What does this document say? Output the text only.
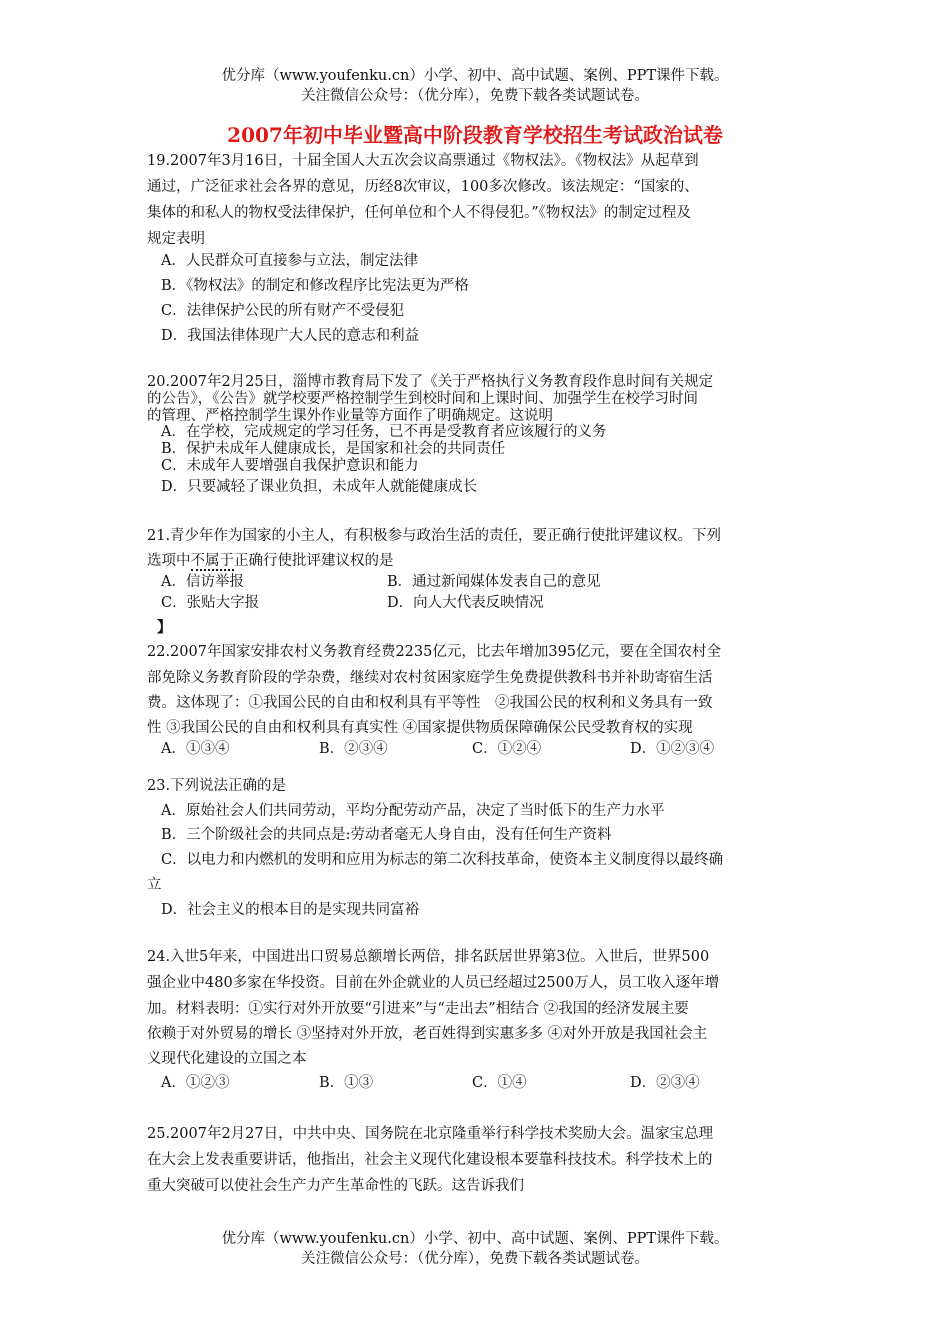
优分库（www.youfenku.cn）小学、初中、高中试题、案例、PPT课件下载。
关注微信公众号：（优分库），免费下载各类试题试卷。
2007年初中毕业暨高中阶段教育学校招生考试政治试卷
19.2007年3月16日，十届全国人大五次会议高票通过《物权法》。《物权法》从起草到
通过，广泛征求社会各界的意见，历经8次审议，100多次修改。该法规定：“国家的、
集体的和私人的物权受法律保护，任何单位和个人不得侵犯。”《物权法》的制定过程及
规定表明
A．人民群众可直接参与立法，制定法律
B．《物权法》的制定和修改程序比宪法更为严格
C．法律保护公民的所有财产不受侵犯
D．我国法律体现广大人民的意志和利益
20.2007年2月25日，淄博市教育局下发了《关于严格执行义务教育段作息时间有关规定
的公告》，《公告》就学校要严格控制学生到校时间和上课时间、加强学生在校学习时间
的管理、严格控制学生课外作业量等方面作了明确规定。这说明
A．在学校，完成规定的学习任务，已不再是受教育者应该履行的义务
B．保护未成年人健康成长，是国家和社会的共同责任
C．未成年人要增强自我保护意识和能力
D．只要减轻了课业负担，未成年人就能健康成长
21.青少年作为国家的小主人，有积极参与政治生活的责任，要正确行使批评建议权。下列
选项中不属于正确行使批评建议权的是
A．信访举报	B．通过新闻媒体发表自己的意见
C．张贴大字报	D．向人大代表反映情况
】
22.2007年国家安排农村义务教育经费2235亿元，比去年增加395亿元，要在全国农村全
部免除义务教育阶段的学杂费，继续对农村贫困家庭学生免费提供教科书并补助寄宿生活
费。这体现了：①我国公民的自由和权利具有平等性　②我国公民的权利和义务具有一致
性 ③我国公民的自由和权利具有真实性 ④国家提供物质保障确保公民受教育权的实现
A．①③④	B．②③④	C．①②④	D．①②③④
23.下列说法正确的是
A．原始社会人们共同劳动，平均分配劳动产品，决定了当时低下的生产力水平
B．三个阶级社会的共同点是:劳动者毫无人身自由，没有任何生产资料
C．以电力和内燃机的发明和应用为标志的第二次科技革命，使资本主义制度得以最终确
立
D．社会主义的根本目的是实现共同富裕
24.入世5年来，中国进出口贸易总额增长两倍，排名跃居世界第3位。入世后，世界500
强企业中480多家在华投资。目前在外企就业的人员已经超过2500万人，员工收入逐年增
加。材料表明：①实行对外开放要“引进来”与“走出去”相结合 ②我国的经济发展主要
依赖于对外贸易的增长 ③坚持对外开放，老百姓得到实惠多多 ④对外开放是我国社会主
义现代化建设的立国之本
A．①②③	B．①③	C．①④	D．②③④
25.2007年2月27日，中共中央、国务院在北京隆重举行科学技术奖励大会。温家宝总理
在大会上发表重要讲话，他指出，社会主义现代化建设根本要靠科技技术。科学技术上的
重大突破可以使社会生产力产生革命性的飞跃。这告诉我们
优分库（www.youfenku.cn）小学、初中、高中试题、案例、PPT课件下载。
关注微信公众号：（优分库），免费下载各类试题试卷。
